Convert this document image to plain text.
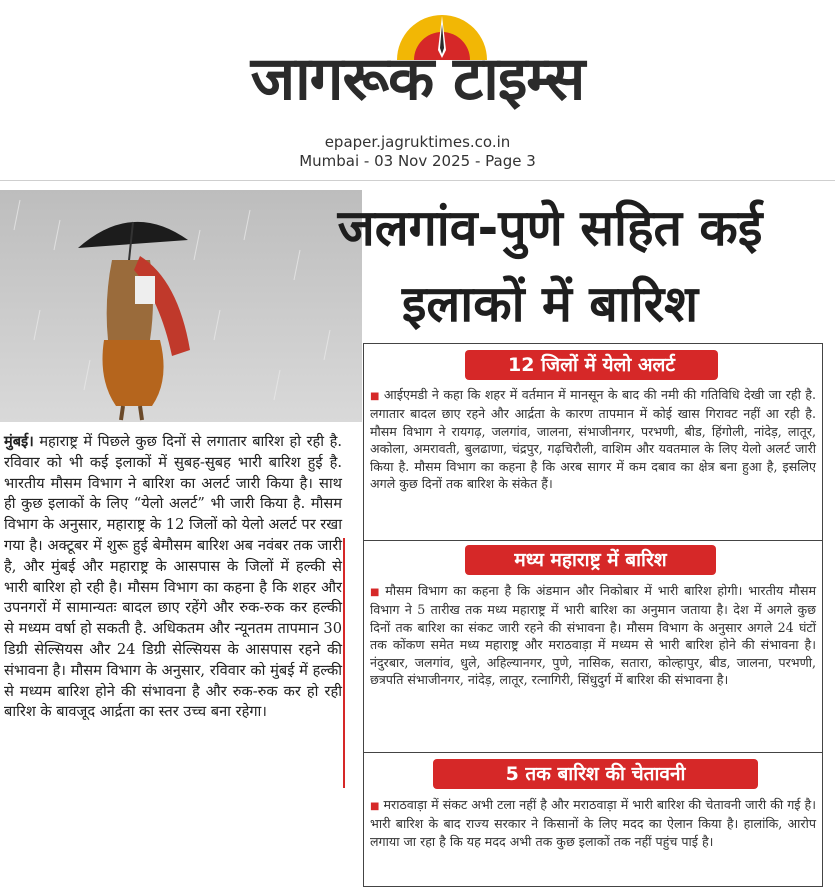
जागरूक टाइम्स
epaper.jagruktimes.co.in
Mumbai - 03 Nov 2025 - Page 3
जलगांव-पुणे सहित कई
इलाकों में बारिश
मुंबई। महाराष्ट्र में पिछले कुछ दिनों से लगातार बारिश हो रही है. रविवार को भी कई इलाकों में सुबह-सुबह भारी बारिश हुई है. भारतीय मौसम विभाग ने बारिश का अलर्ट जारी किया है। साथ ही कुछ इलाकों के लिए “येलो अलर्ट” भी जारी किया है. मौसम विभाग के अनुसार, महाराष्ट्र के 12 जिलों को येलो अलर्ट पर रखा गया है। अक्टूबर में शुरू हुई बेमौसम बारिश अब नवंबर तक जारी है, और मुंबई और महाराष्ट्र के आसपास के जिलों में हल्की से भारी बारिश हो रही है। मौसम विभाग का कहना है कि शहर और उपनगरों में सामान्यतः बादल छाए रहेंगे और रुक-रुक कर हल्की से मध्यम वर्षा हो सकती है. अधिकतम और न्यूनतम तापमान 30 डिग्री सेल्सियस और 24 डिग्री सेल्सियस के आसपास रहने की संभावना है। मौसम विभाग के अनुसार, रविवार को मुंबई में हल्की से मध्यम बारिश होने की संभावना है और रुक-रुक कर हो रही बारिश के बावजूद आर्द्रता का स्तर उच्च बना रहेगा।
12 जिलों में येलो अलर्ट
■ आईएमडी ने कहा कि शहर में वर्तमान में मानसून के बाद की नमी की गतिविधि देखी जा रही है. लगातार बादल छाए रहने और आर्द्रता के कारण तापमान में कोई खास गिरावट नहीं आ रही है. मौसम विभाग ने रायगढ़, जलगांव, जालना, संभाजीनगर, परभणी, बीड, हिंगोली, नांदेड़, लातूर, अकोला, अमरावती, बुलढाणा, चंद्रपुर, गढ़चिरौली, वाशिम और यवतमाल के लिए येलो अलर्ट जारी किया है. मौसम विभाग का कहना है कि अरब सागर में कम दबाव का क्षेत्र बना हुआ है, इसलिए अगले कुछ दिनों तक बारिश के संकेत हैं।
मध्य महाराष्ट्र में बारिश
■ मौसम विभाग का कहना है कि अंडमान और निकोबार में भारी बारिश होगी। भारतीय मौसम विभाग ने 5 तारीख तक मध्य महाराष्ट्र में भारी बारिश का अनुमान जताया है। देश में अगले कुछ दिनों तक बारिश का संकट जारी रहने की संभावना है। मौसम विभाग के अनुसार अगले 24 घंटों तक कोंकण समेत मध्य महाराष्ट्र और मराठवाड़ा में मध्यम से भारी बारिश होने की संभावना है। नंदुरबार, जलगांव, धुले, अहिल्यानगर, पुणे, नासिक, सतारा, कोल्हापुर, बीड, जालना, परभणी, छत्रपति संभाजीनगर, नांदेड़, लातूर, रत्नागिरी, सिंधुदुर्ग में बारिश की संभावना है।
5 तक बारिश की चेतावनी
■ मराठवाड़ा में संकट अभी टला नहीं है और मराठवाड़ा में भारी बारिश की चेतावनी जारी की गई है। भारी बारिश के बाद राज्य सरकार ने किसानों के लिए मदद का ऐलान किया है। हालांकि, आरोप लगाया जा रहा है कि यह मदद अभी तक कुछ इलाकों तक नहीं पहुंच पाई है।
